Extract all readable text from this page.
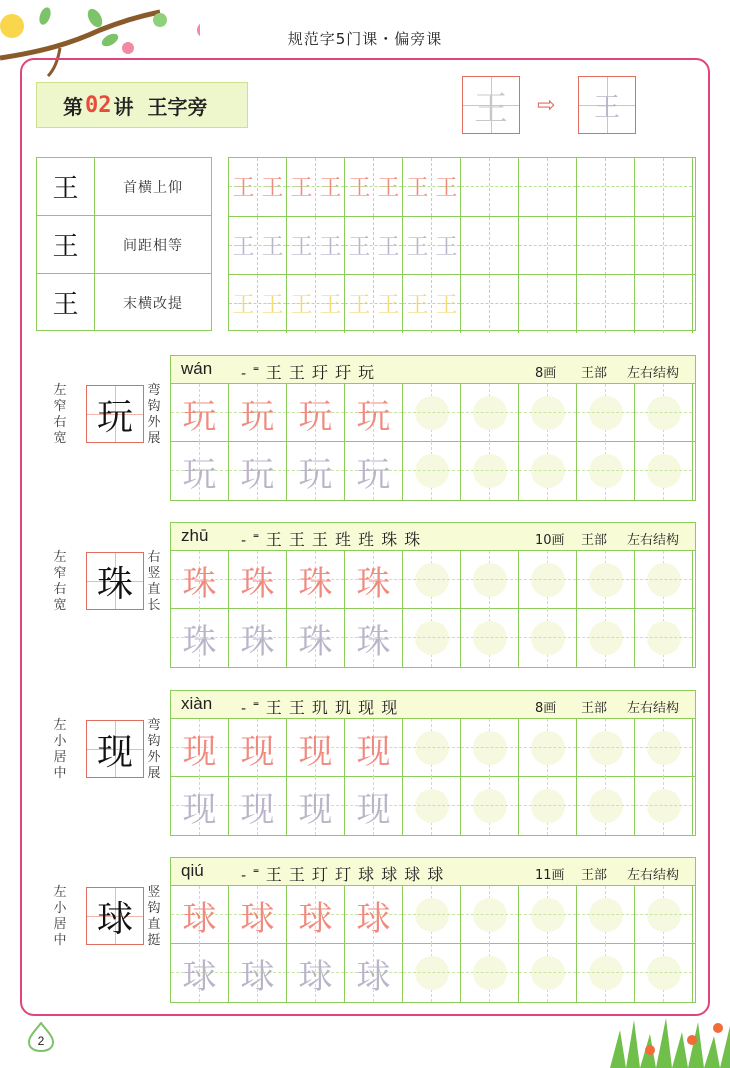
规范字5门课・偏旁课
第 02 讲 王字旁	王 ⇨ 王
王	首横上仰
王	间距相等
王	末横改提
王 王 王 王 王 王 王 王
王 王 王 王 王 王 王 王
王 王 王 王 王 王 王 王
左窄右宽
玩
弯钩外展
wán ˗ ˭ 王 王 玗 玗 玩	8画 王部 左右结构
玩 玩 玩 玩
玩 玩 玩 玩
左窄右宽
珠
右竖直长
zhū ˗ ˭ 王 王 王 珄 珄 珠 珠	10画 王部 左右结构
珠 珠 珠 珠
珠 珠 珠 珠
左小居中
现
弯钩外展
xiàn ˗ ˭ 王 王 玑 玑 现 现	8画 王部 左右结构
现 现 现 现
现 现 现 现
左小居中
球
竖钩直挺
qiú ˗ ˭ 王 王 玎 玎 球 球 球 球	11画 王部 左右结构
球 球 球 球
球 球 球 球
2
